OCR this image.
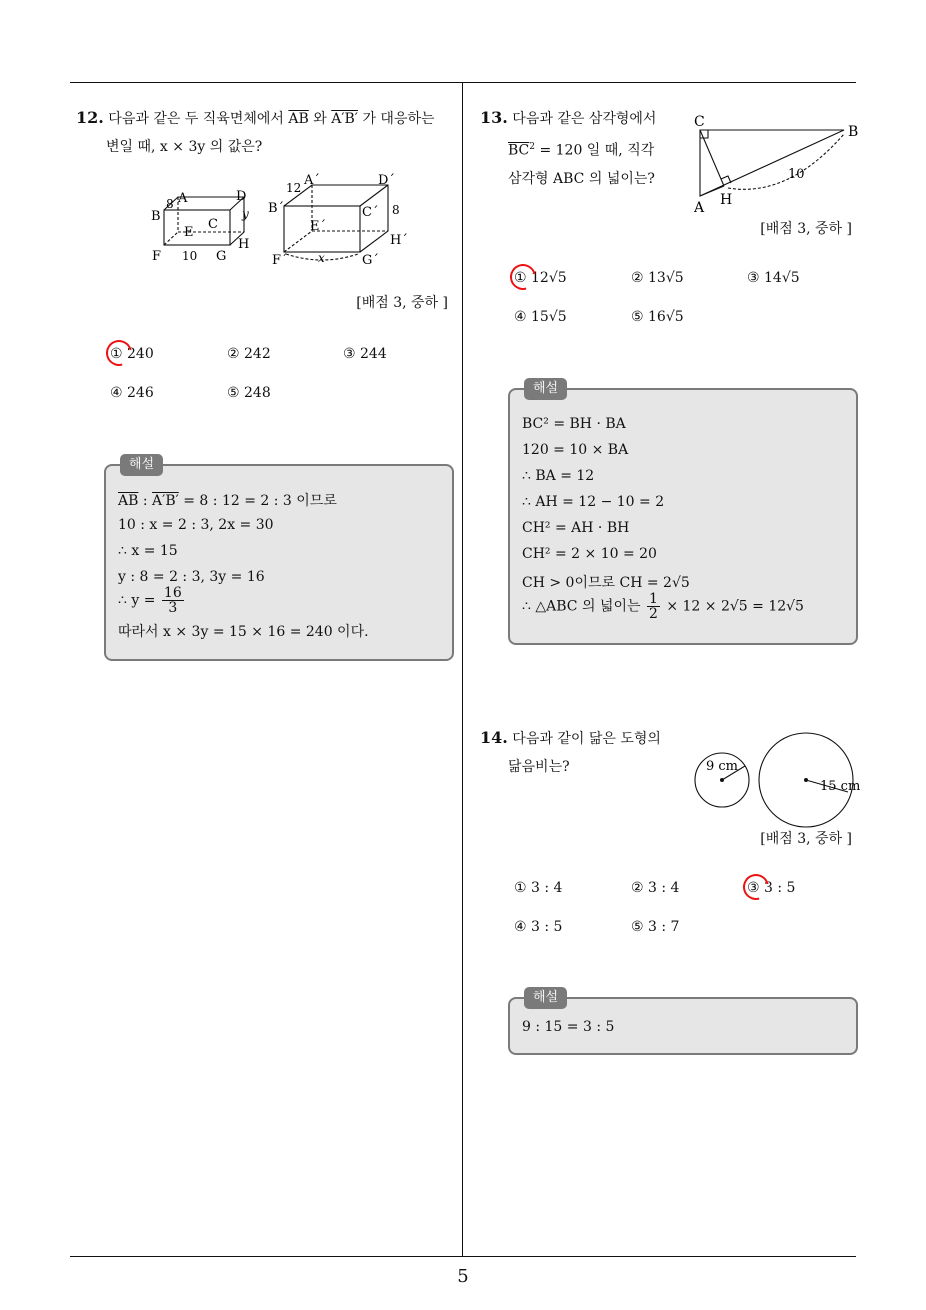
5
12. 다음과 같은 두 직육면체에서 $\overline{AB}$ 와 A′B′ 가 대응하는
변일 때, x × 3y 의 값은?
A
B
C
D
E
F	G
H
8
10
y
A´
B´	C´
D´
E´
F´	G´
H´
12
8
x
[배점 3, 중하 ]
① 240	② 242	③ 244
④ 246	⑤ 248
해설
$\overline{AB}$ : A′B′ = 8 : 12 = 2 : 3 이므로
10 : x = 2 : 3, 2x = 30
∴ x = 15
y : 8 = 2 : 3, 3y = 16
∴ $y = \frac{16}{3}$
따라서 x × 3y = 15 × 16 = 240 이다.
13. 다음과 같은 삼각형에서
$\overline{BC}^2 = 120$ 일 때, 직각
삼각형 ABC 의 넓이는?
C
B
A H
10
[배점 3, 중하 ]
① 12√5	② 13√5	③ 14√5
④ 15√5	⑤ 16√5
해설
BC² = BH · BA
120 = 10 × BA
∴ BA = 12
∴ AH = 12 − 10 = 2
CH² = AH · BH
CH² = 2 × 10 = 20
CH > 0이므로 CH = 2√5
∴ △ABC 의 넓이는 $\frac{1}{2} \times 12 \times 2√5 = 12√5$
14. 다음과 같이 닮은 도형의
닮음비는?	9 cm
15 cm
[배점 3, 중하 ]
① 3 : 4	② 3 : 4	③ 3 : 5
④ 3 : 5	⑤ 3 : 7
해설
9 : 15 = 3 : 5
